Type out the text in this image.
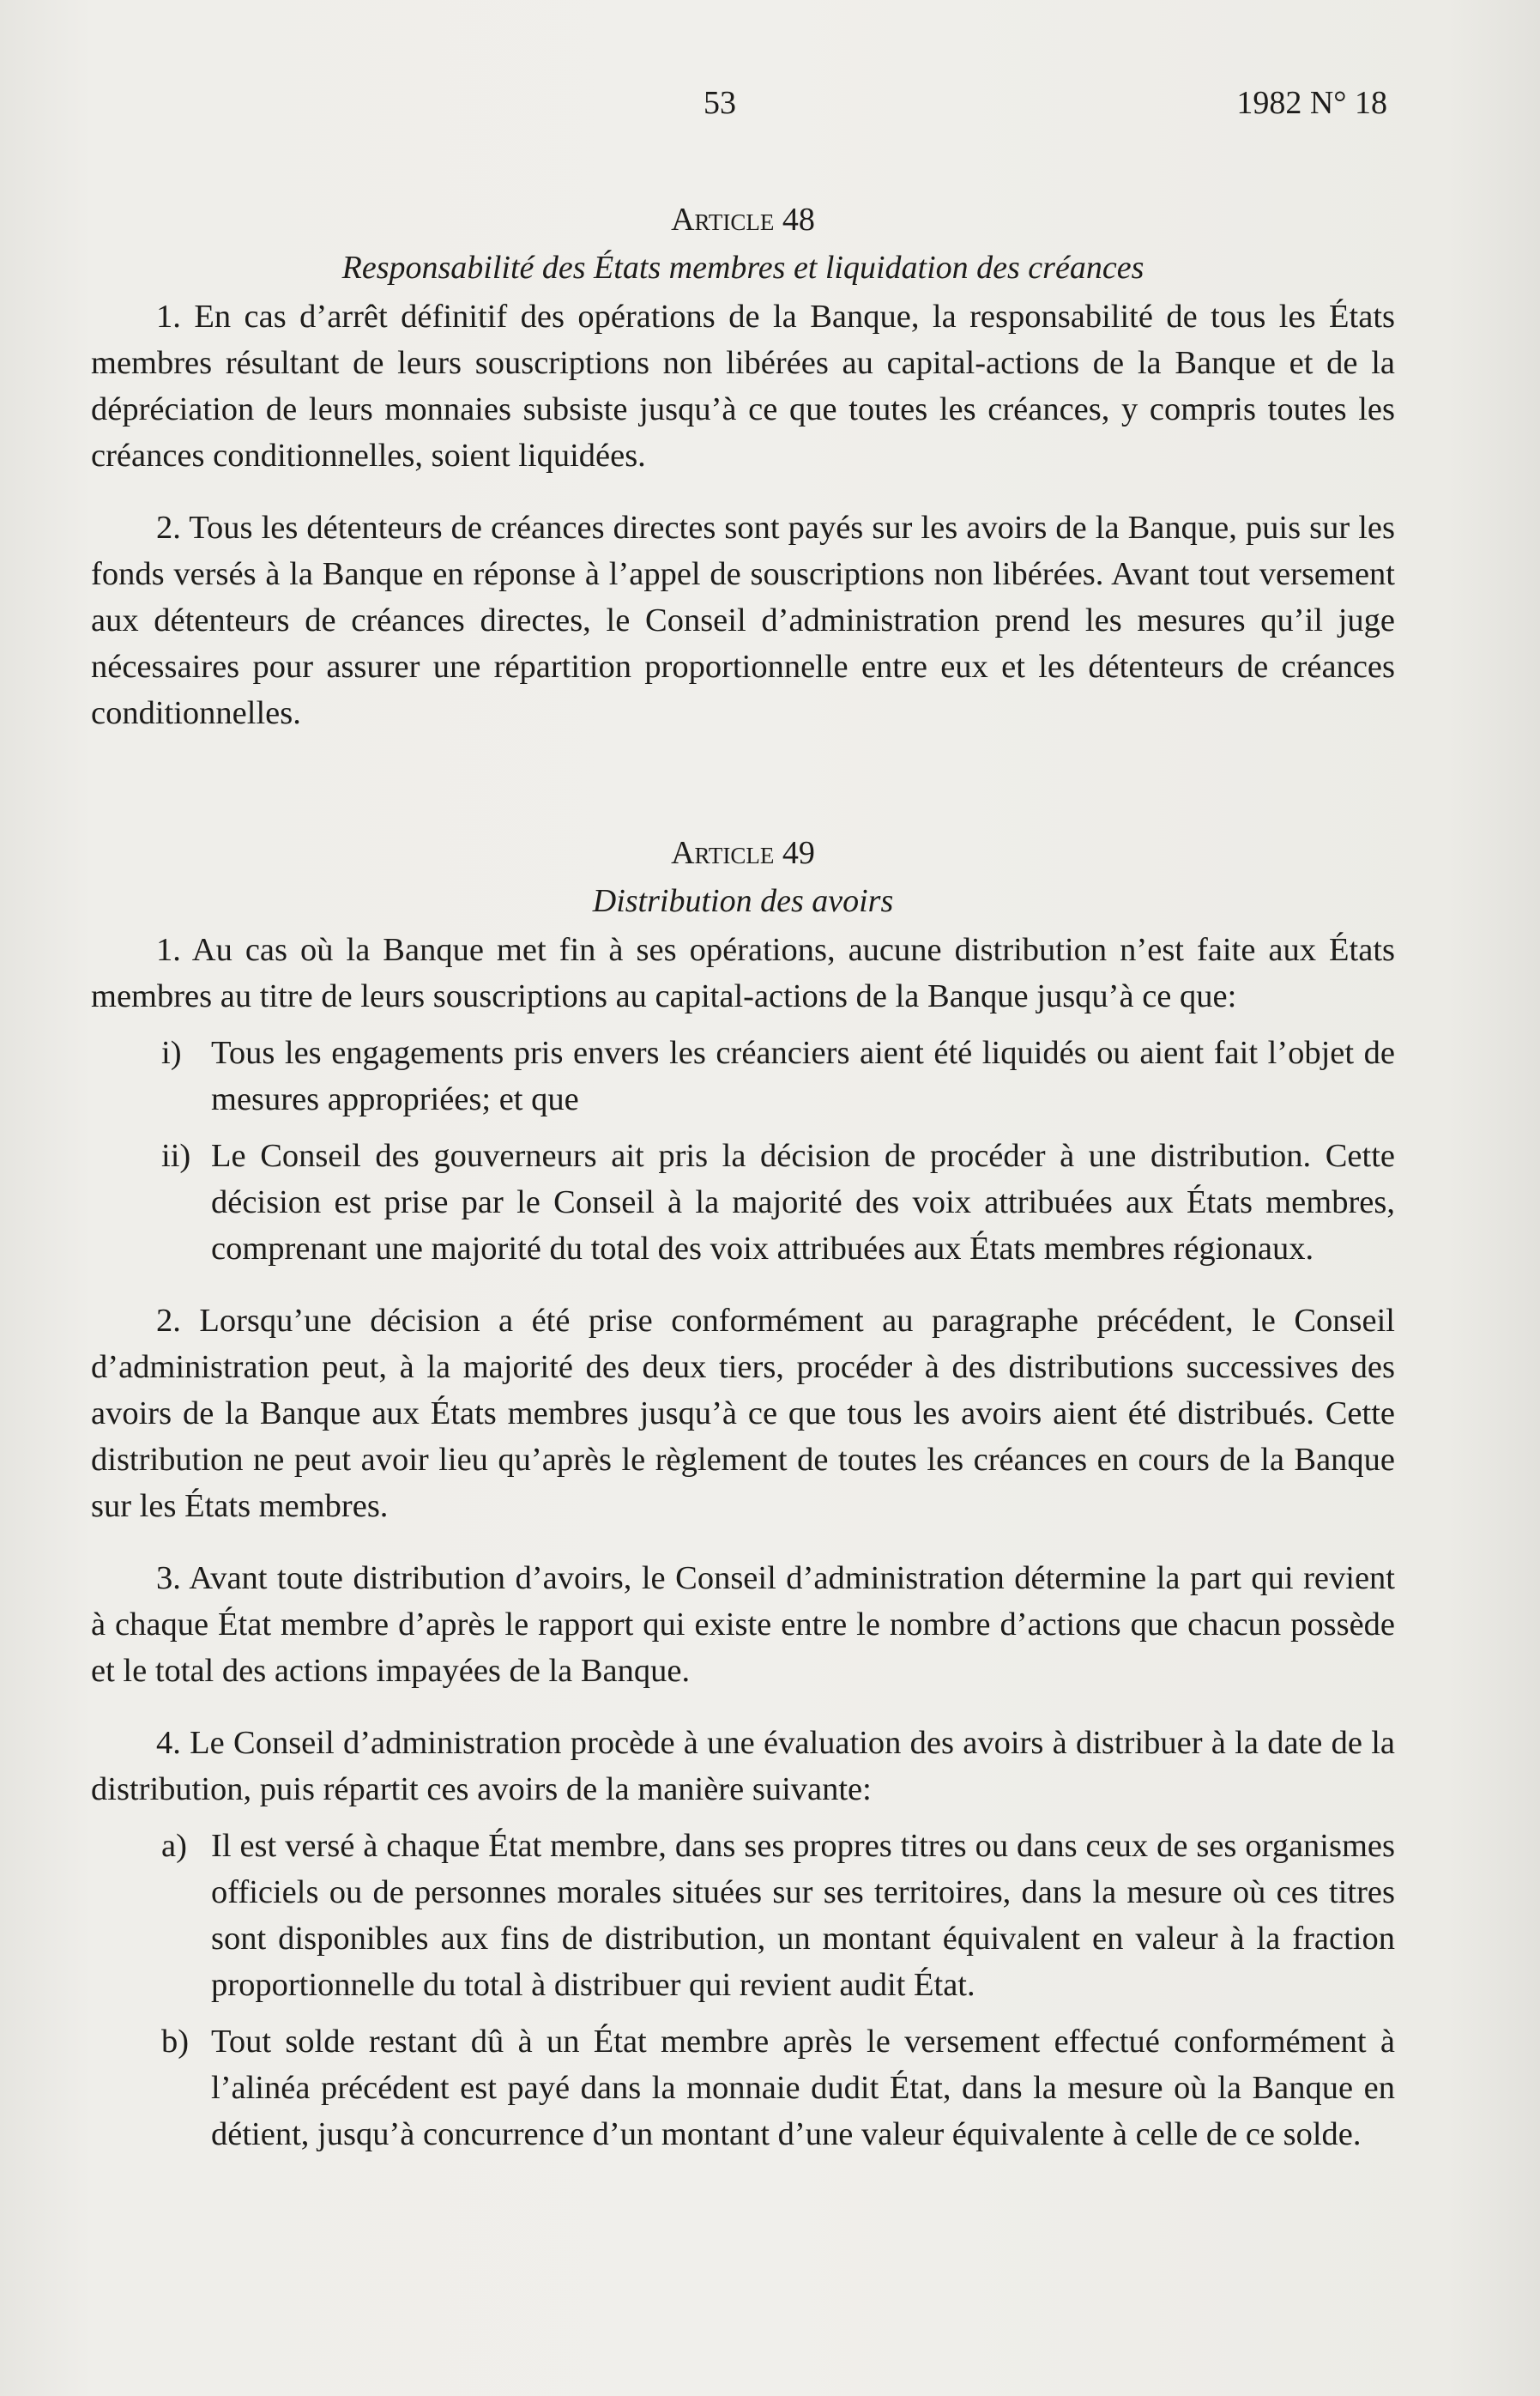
53	1982 N° 18

Article 48

Responsabilité des États membres et liquidation des créances

1. En cas d’arrêt définitif des opérations de la Banque, la responsabilité de tous les États membres résultant de leurs souscriptions non libérées au capital-actions de la Banque et de la dépréciation de leurs monnaies subsiste jusqu’à ce que toutes les créances, y compris toutes les créances conditionnelles, soient liquidées.

2. Tous les détenteurs de créances directes sont payés sur les avoirs de la Banque, puis sur les fonds versés à la Banque en réponse à l’appel de souscriptions non libérées. Avant tout versement aux détenteurs de créances directes, le Conseil d’administration prend les mesures qu’il juge nécessaires pour assurer une répartition proportionnelle entre eux et les détenteurs de créances conditionnelles.

Article 49

Distribution des avoirs

1. Au cas où la Banque met fin à ses opérations, aucune distribution n’est faite aux États membres au titre de leurs souscriptions au capital-actions de la Banque jusqu’à ce que:

i) Tous les engagements pris envers les créanciers aient été liquidés ou aient fait l’objet de mesures appropriées; et que
ii) Le Conseil des gouverneurs ait pris la décision de procéder à une distribution. Cette décision est prise par le Conseil à la majorité des voix attribuées aux États membres, comprenant une majorité du total des voix attribuées aux États membres régionaux.

2. Lorsqu’une décision a été prise conformément au paragraphe précédent, le Conseil d’administration peut, à la majorité des deux tiers, procéder à des distributions successives des avoirs de la Banque aux États membres jusqu’à ce que tous les avoirs aient été distribués. Cette distribution ne peut avoir lieu qu’après le règlement de toutes les créances en cours de la Banque sur les États membres.

3. Avant toute distribution d’avoirs, le Conseil d’administration détermine la part qui revient à chaque État membre d’après le rapport qui existe entre le nombre d’actions que chacun possède et le total des actions impayées de la Banque.

4. Le Conseil d’administration procède à une évaluation des avoirs à distribuer à la date de la distribution, puis répartit ces avoirs de la manière suivante:

a) Il est versé à chaque État membre, dans ses propres titres ou dans ceux de ses organismes officiels ou de personnes morales situées sur ses territoires, dans la mesure où ces titres sont disponibles aux fins de distribution, un montant équivalent en valeur à la fraction proportionnelle du total à distribuer qui revient audit État.
b) Tout solde restant dû à un État membre après le versement effectué conformément à l’alinéa précédent est payé dans la monnaie dudit État, dans la mesure où la Banque en détient, jusqu’à concurrence d’un montant d’une valeur équivalente à celle de ce solde.
